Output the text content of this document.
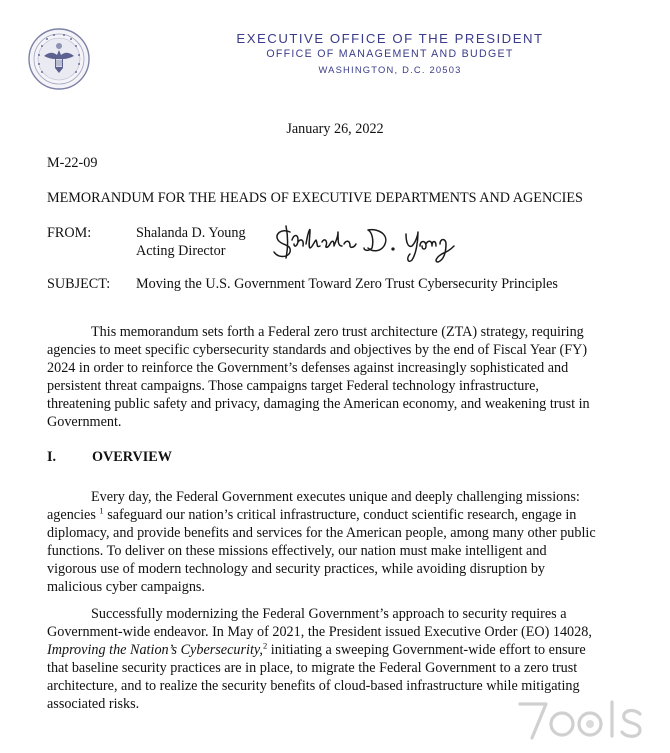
EXECUTIVE OFFICE OF THE PRESIDENT
OFFICE OF MANAGEMENT AND BUDGET
WASHINGTON, D.C. 20503
January 26, 2022
M-22-09
MEMORANDUM FOR THE HEADS OF EXECUTIVE DEPARTMENTS AND AGENCIES
FROM:	Shalanda D. Young
Acting Director
SUBJECT: Moving the U.S. Government Toward Zero Trust Cybersecurity Principles
This memorandum sets forth a Federal zero trust architecture (ZTA) strategy, requiring
agencies to meet specific cybersecurity standards and objectives by the end of Fiscal Year (FY)
2024 in order to reinforce the Government’s defenses against increasingly sophisticated and
persistent threat campaigns. Those campaigns target Federal technology infrastructure,
threatening public safety and privacy, damaging the American economy, and weakening trust in
Government.
I.	OVERVIEW
Every day, the Federal Government executes unique and deeply challenging missions:
agencies $^1$ safeguard our nation’s critical infrastructure, conduct scientific research, engage in
diplomacy, and provide benefits and services for the American people, among many other public
functions. To deliver on these missions effectively, our nation must make intelligent and
vigorous use of modern technology and security practices, while avoiding disruption by
malicious cyber campaigns.
Successfully modernizing the Federal Government’s approach to security requires a
Government-wide endeavor. In May of 2021, the President issued Executive Order (EO) 14028,
Improving the Nation’s Cybersecurity,$^2$ initiating a sweeping Government-wide effort to ensure
that baseline security practices are in place, to migrate the Federal Government to a zero trust
architecture, and to realize the security benefits of cloud-based infrastructure while mitigating
associated risks.
